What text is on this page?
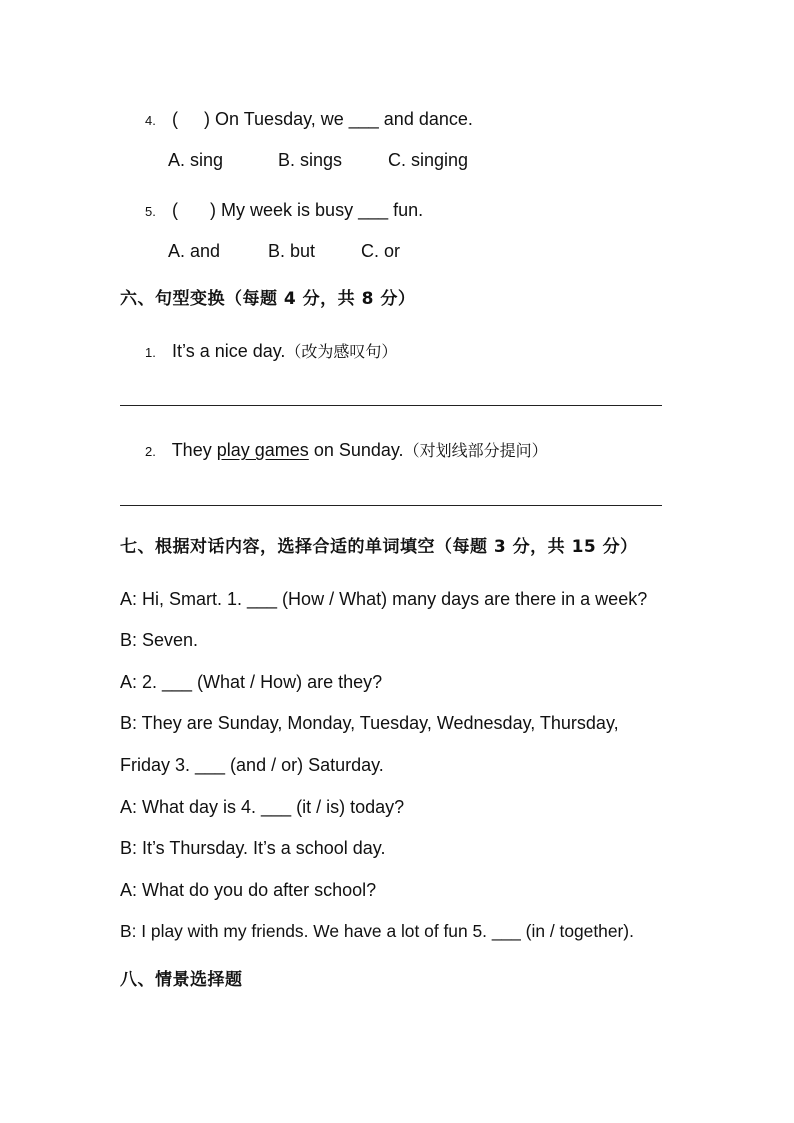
4. ( ) On Tuesday, we ___ and dance.
A. sing	B. sings	C. singing
5. ( ) My week is busy ___ fun.
A. and	B. but	C. or
六、句型变换（每题 4 分，共 8 分）
1. It’s a nice day.（改为感叹句）
2. They play games on Sunday.（对划线部分提问）
七、根据对话内容，选择合适的单词填空（每题 3 分，共 15 分）
A: Hi, Smart. 1. ___ (How / What) many days are there in a week?
B: Seven.
A: 2. ___ (What / How) are they?
B: They are Sunday, Monday, Tuesday, Wednesday, Thursday,
Friday 3. ___ (and / or) Saturday.
A: What day is 4. ___ (it / is) today?
B: It’s Thursday. It’s a school day.
A: What do you do after school?
B: I play with my friends. We have a lot of fun 5. ___ (in / together).
八、情景选择题
